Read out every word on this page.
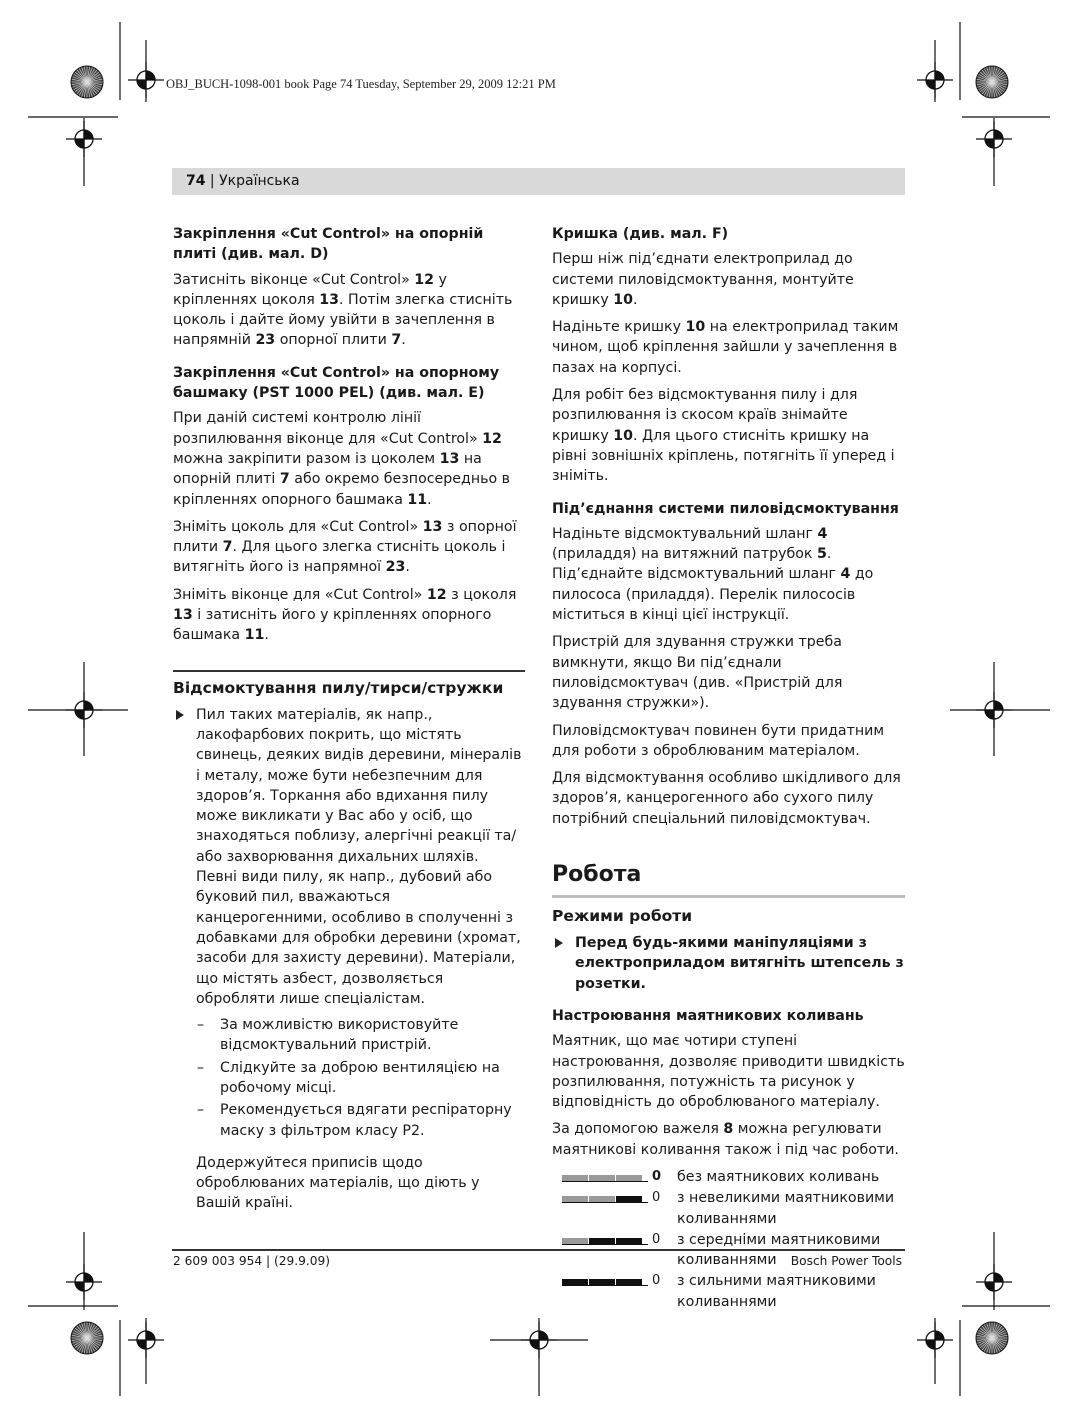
OBJ_BUCH-1098-001 book Page 74 Tuesday, September 29, 2009 12:21 PM
74 | Українська
Закріплення «Cut Control» на опорній плиті (див. мал. D)

Затисніть віконце «Cut Control» 12 у кріпленнях цоколя 13. Потім злегка стисніть цоколь і дайте йому увійти в зачеплення в напрямній 23 опорної плити 7.

Закріплення «Cut Control» на опорному башмаку (PST 1000 PEL) (див. мал. E)

При даній системі контролю лінії розпилювання віконце для «Cut Control» 12 можна закріпити разом із цоколем 13 на опорній плиті 7 або окремо безпосередньо в кріпленнях опорного башмака 11.

Зніміть цоколь для «Cut Control» 13 з опорної плити 7. Для цього злегка стисніть цоколь і витягніть його із напрямної 23.

Зніміть віконце для «Cut Control» 12 з цоколя 13 і затисніть його у кріпленнях опорного башмака 11.

Відсмоктування пилу/тирси/стружки
Пил таких матеріалів, як напр., лакофарбових покрить, що містять свинець, деяких видів деревини, мінералів і металу, може бути небезпечним для здоров’я. Торкання або вдихання пилу може викликати у Вас або у осіб, що знаходяться поблизу, алергічні реакції та/або захворювання дихальних шляхів.
Певні види пилу, як напр., дубовий або буковий пил, вважаються канцерогенними, особливо в сполученні з добавками для обробки деревини (хромат, засоби для захисту деревини). Матеріали, що містять азбест, дозволяється обробляти лише спеціалістам.
– За можливістю використовуйте відсмоктувальний пристрій.
– Слідкуйте за доброю вентиляцією на робочому місці.
– Рекомендується вдягати респіраторну маску з фільтром класу P2.

Додержуйтеся приписів щодо оброблюваних матеріалів, що діють у Вашій країні.

Кришка (див. мал. F)

Перш ніж під’єднати електроприлад до системи пиловідсмоктування, монтуйте кришку 10.

Надіньте кришку 10 на електроприлад таким чином, щоб кріплення зайшли у зачеплення в пазах на корпусі.

Для робіт без відсмоктування пилу і для розпилювання із скосом країв знімайте кришку 10. Для цього стисніть кришку на рівні зовнішніх кріплень, потягніть її уперед і зніміть.

Під’єднання системи пиловідсмоктування

Надіньте відсмоктувальний шланг 4 (приладдя) на витяжний патрубок 5. Під’єднайте відсмоктувальний шланг 4 до пилососа (приладдя). Перелік пилососів міститься в кінці цієї інструкції.

Пристрій для здування стружки треба вимкнути, якщо Ви під’єднали пиловідсмоктувач (див. «Пристрій для здування стружки»).

Пиловідсмоктувач повинен бути придатним для роботи з оброблюваним матеріалом.

Для відсмоктування особливо шкідливого для здоров’я, канцерогенного або сухого пилу потрібний спеціальний пиловідсмоктувач.

Робота
Режими роботи
Перед будь-якими маніпуляціями з електроприладом витягніть штепсель з розетки.
Настроювання маятникових коливань

Маятник, що має чотири ступені настроювання, дозволяє приводити швидкість розпилювання, потужність та рисунок у відповідність до оброблюваного матеріалу.

За допомогою важеля 8 можна регулювати маятникові коливання також і під час роботи.

0	без маятникових коливань
0	з невеликими маятниковими коливаннями
0	з середніми маятниковими коливаннями
0	з сильними маятниковими коливаннями
2 609 003 954 | (29.9.09)	Bosch Power Tools
